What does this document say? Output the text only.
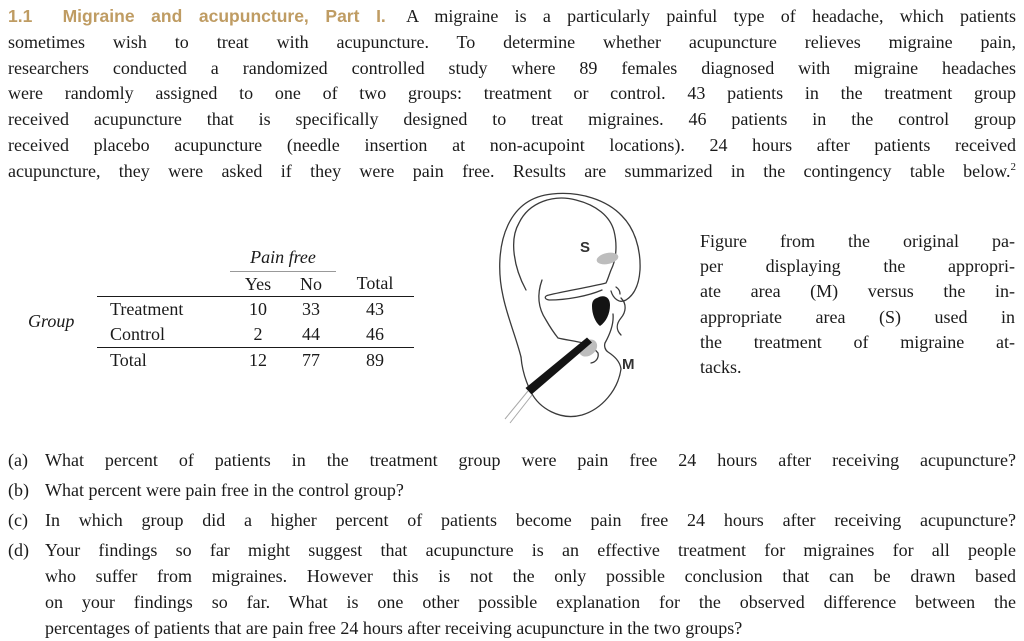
1.1 Migraine and acupuncture, Part I. A migraine is a particularly painful type of headache, which patients
sometimes wish to treat with acupuncture. To determine whether acupuncture relieves migraine pain,
researchers conducted a randomized controlled study where 89 females diagnosed with migraine headaches
were randomly assigned to one of two groups: treatment or control. 43 patients in the treatment group
received acupuncture that is specifically designed to treat migraines. 46 patients in the control group
received placebo acupuncture (needle insertion at non-acupoint locations). 24 hours after patients received
acupuncture, they were asked if they were pain free. Results are summarized in the contingency table below.$^2$
Group
	Pain free		
	Yes	No	Total
Treatment	10	33	43
Control	2	44	46
Total	12	77	89
S
M
Figure from the original pa-
per displaying the appropri-
ate area (M) versus the in-
appropriate area (S) used in
the treatment of migraine at-
tacks.
(a) What percent of patients in the treatment group were pain free 24 hours after receiving acupuncture?
(b) What percent were pain free in the control group?
(c) In which group did a higher percent of patients become pain free 24 hours after receiving acupuncture?
(d) Your findings so far might suggest that acupuncture is an effective treatment for migraines for all people
who suffer from migraines. However this is not the only possible conclusion that can be drawn based
on your findings so far. What is one other possible explanation for the observed difference between the
percentages of patients that are pain free 24 hours after receiving acupuncture in the two groups?
